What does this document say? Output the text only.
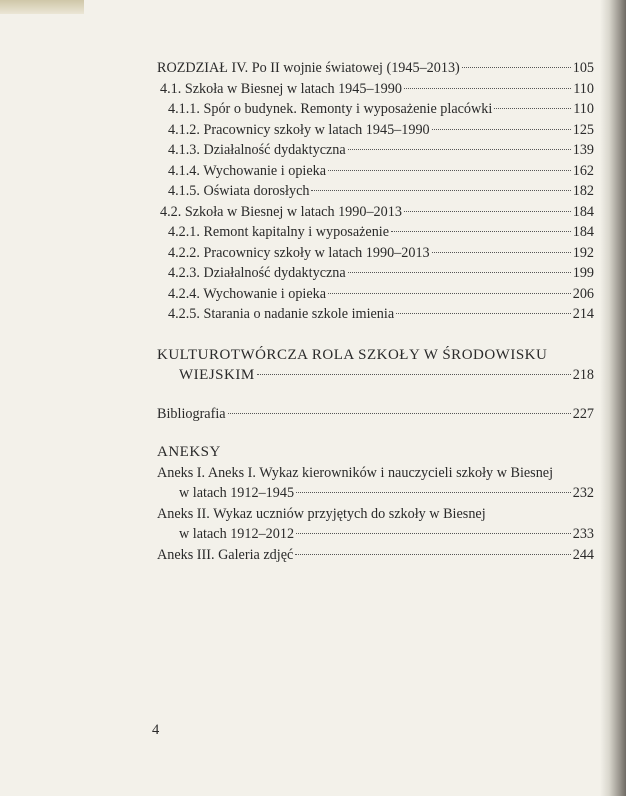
ROZDZIAŁ IV. Po II wojnie światowej (1945–2013)	105
4.1. Szkoła w Biesnej w latach 1945–1990	110
4.1.1. Spór o budynek. Remonty i wyposażenie placówki	110
4.1.2. Pracownicy szkoły w latach 1945–1990	125
4.1.3. Działalność dydaktyczna	139
4.1.4. Wychowanie i opieka	162
4.1.5. Oświata dorosłych	182
4.2. Szkoła w Biesnej w latach 1990–2013	184
4.2.1. Remont kapitalny i wyposażenie	184
4.2.2. Pracownicy szkoły w latach 1990–2013	192
4.2.3. Działalność dydaktyczna	199
4.2.4. Wychowanie i opieka	206
4.2.5. Starania o nadanie szkole imienia	214
KULTUROTWÓRCZA ROLA SZKOŁY W ŚRODOWISKU
WIEJSKIM	218
Bibliografia	227
ANEKSY
Aneks I. Aneks I. Wykaz kierowników i nauczycieli szkoły w Biesnej
w latach 1912–1945	232
Aneks II. Wykaz uczniów przyjętych do szkoły w Biesnej
w latach 1912–2012	233
Aneks III. Galeria zdjęć	244
4
